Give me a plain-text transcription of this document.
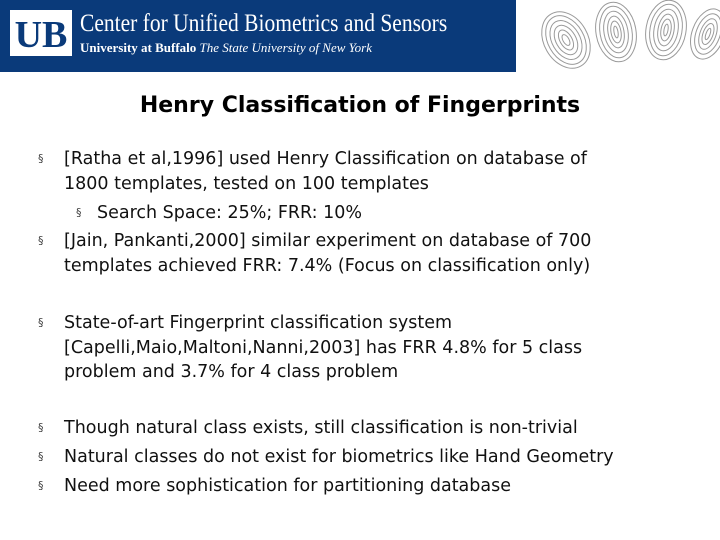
UB Center for Unified Biometrics and Sensors
University at Buffalo The State University of New York
Henry Classification of Fingerprints
§ [Ratha et al,1996] used Henry Classification on database of
1800 templates, tested on 100 templates
§ Search Space: 25%; FRR: 10%
§ [Jain, Pankanti,2000] similar experiment on database of 700
templates achieved FRR: 7.4% (Focus on classification only)
§ State-of-art Fingerprint classification system
[Capelli,Maio,Maltoni,Nanni,2003] has FRR 4.8% for 5 class
problem and 3.7% for 4 class problem
§ Though natural class exists, still classification is non-trivial
§ Natural classes do not exist for biometrics like Hand Geometry
§ Need more sophistication for partitioning database
